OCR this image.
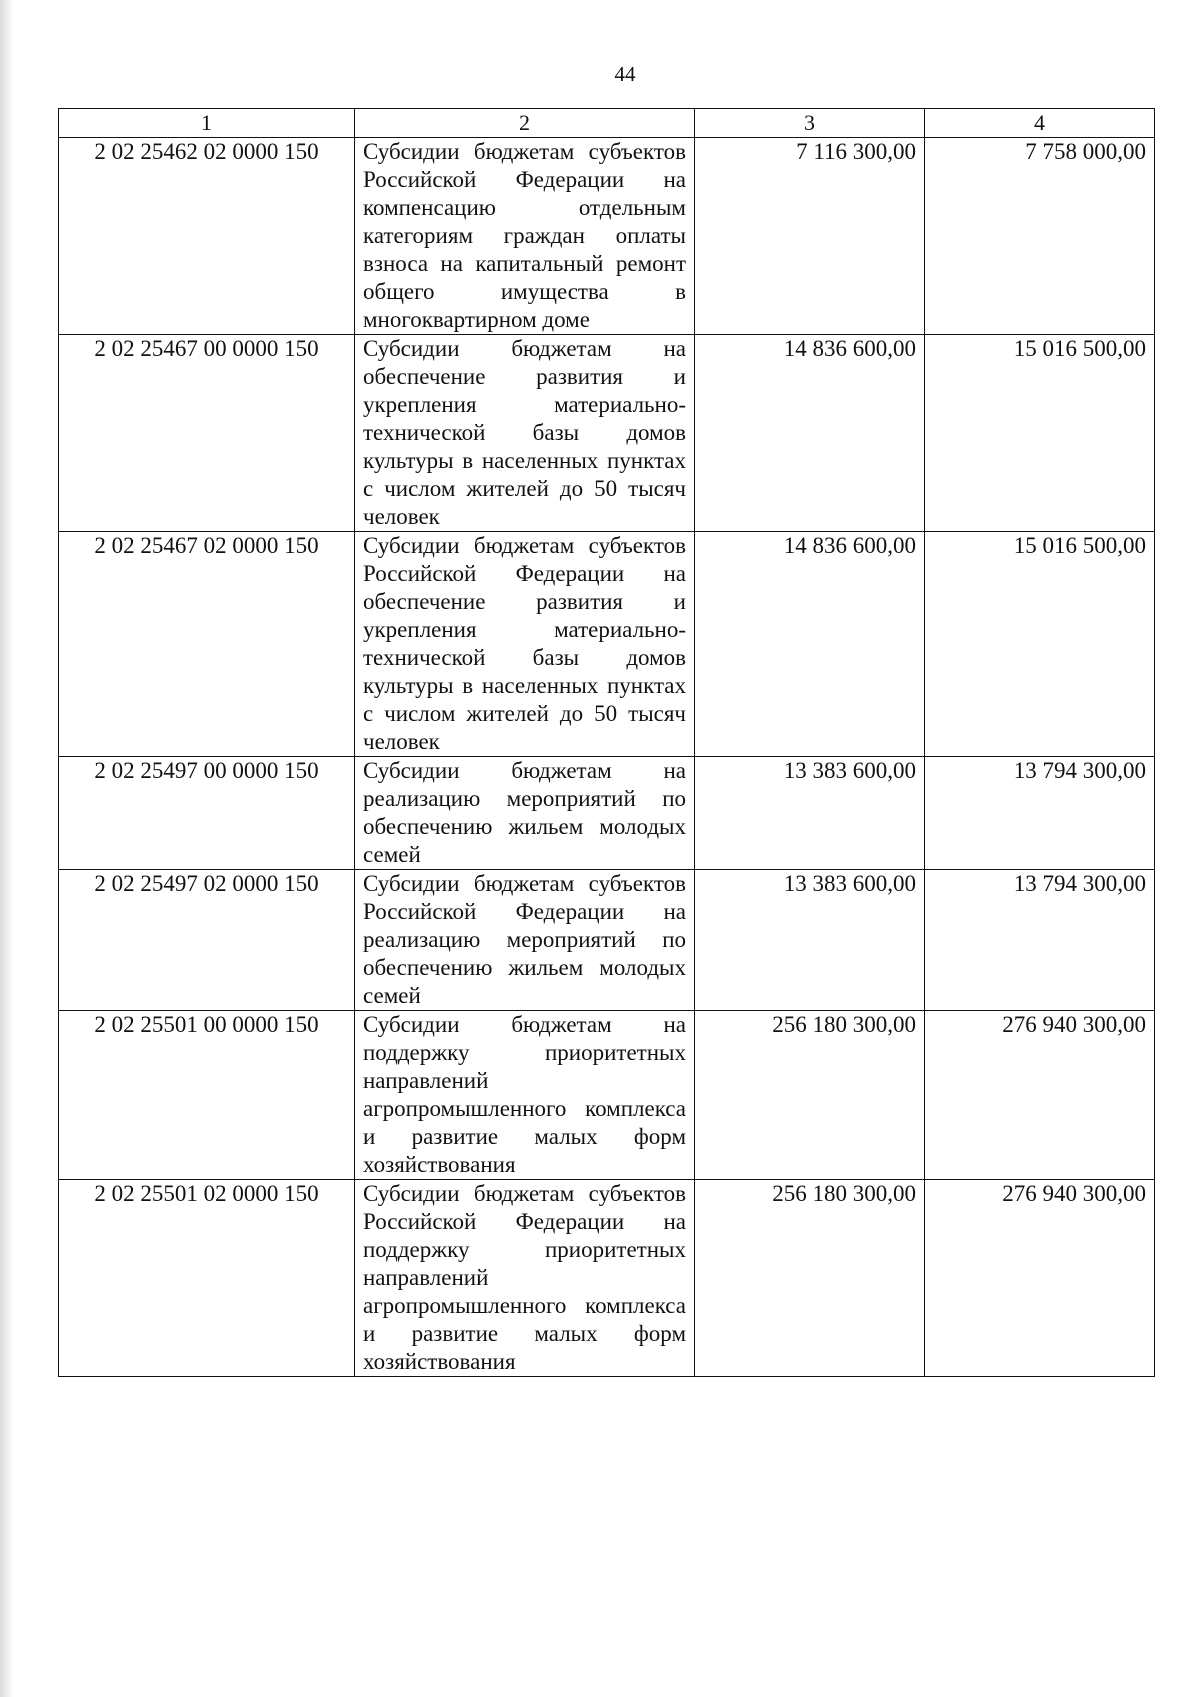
44
1	2	3	4
2 02 25462 02 0000 150	Субсидии бюджетам субъектов Российской Федерации на компенсацию отдельным категориям граждан оплаты взноса на капитальный ремонт общего имущества в многоквартирном доме	7 116 300,00	7 758 000,00
2 02 25467 00 0000 150	Субсидии бюджетам на обеспечение развития и укрепления материально-технической базы домов культуры в населенных пунктах с числом жителей до 50 тысяч человек	14 836 600,00	15 016 500,00
2 02 25467 02 0000 150	Субсидии бюджетам субъектов Российской Федерации на обеспечение развития и укрепления материально-технической базы домов культуры в населенных пунктах с числом жителей до 50 тысяч человек	14 836 600,00	15 016 500,00
2 02 25497 00 0000 150	Субсидии бюджетам на реализацию мероприятий по обеспечению жильем молодых семей	13 383 600,00	13 794 300,00
2 02 25497 02 0000 150	Субсидии бюджетам субъектов Российской Федерации на реализацию мероприятий по обеспечению жильем молодых семей	13 383 600,00	13 794 300,00
2 02 25501 00 0000 150	Субсидии бюджетам на поддержку приоритетных направлений агропромышленного комплекса и развитие малых форм хозяйствования	256 180 300,00	276 940 300,00
2 02 25501 02 0000 150	Субсидии бюджетам субъектов Российской Федерации на поддержку приоритетных направлений агропромышленного комплекса и развитие малых форм хозяйствования	256 180 300,00	276 940 300,00
